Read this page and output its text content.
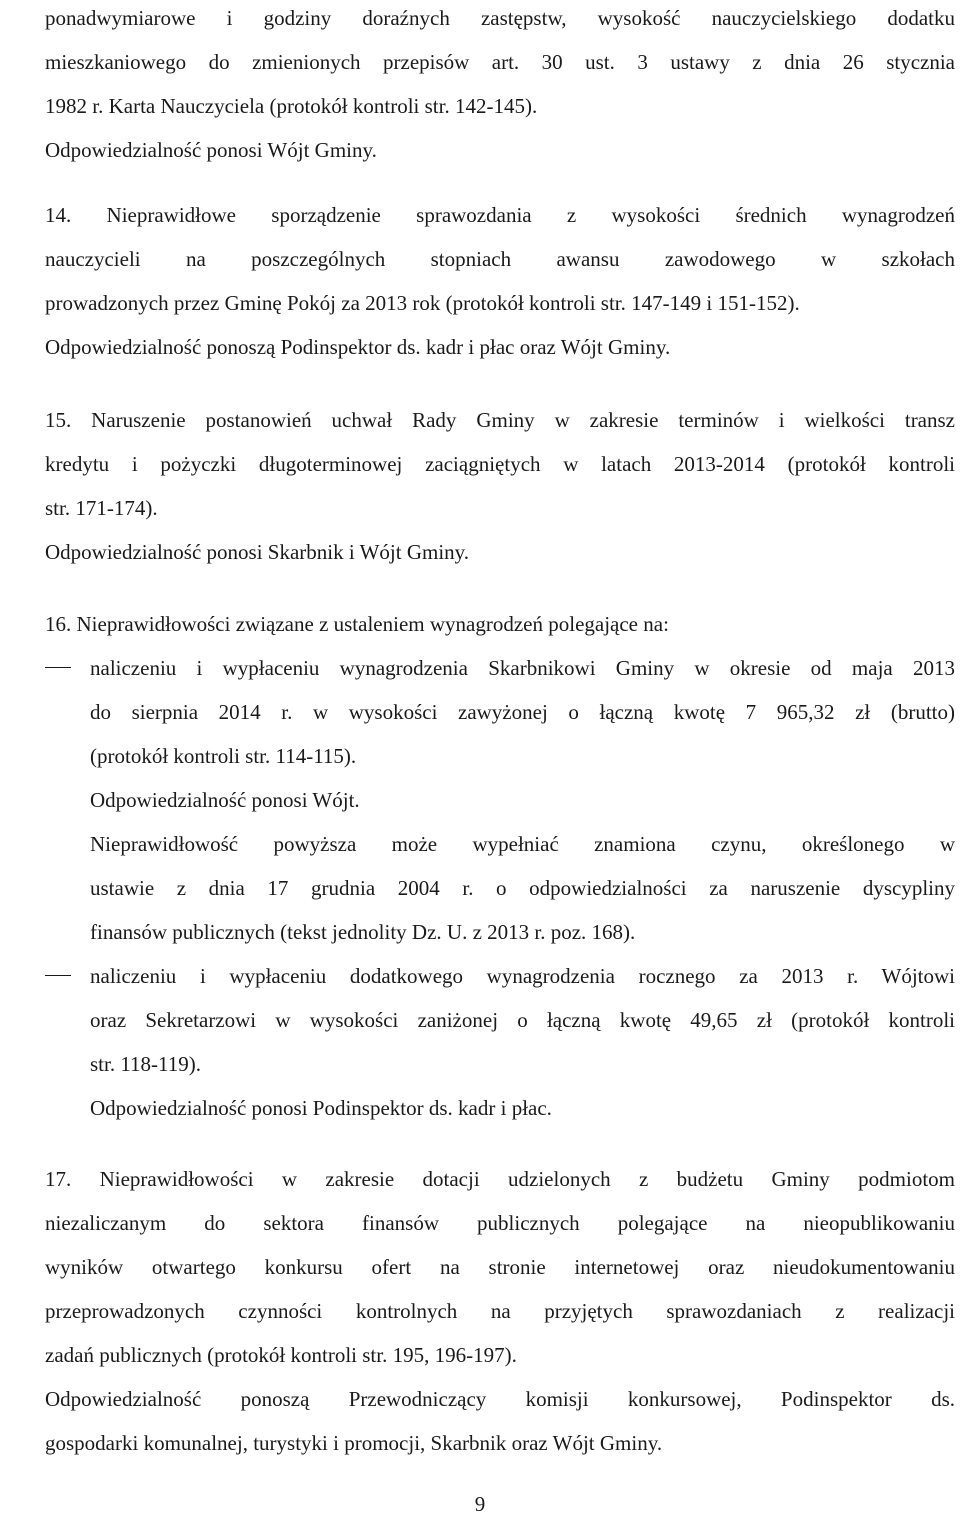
ponadwymiarowe i godziny doraźnych zastępstw, wysokość nauczycielskiego dodatku
mieszkaniowego do zmienionych przepisów art. 30 ust. 3 ustawy z dnia 26 stycznia
1982 r. Karta Nauczyciela (protokół kontroli str. 142-145).
Odpowiedzialność ponosi Wójt Gminy.
14. Nieprawidłowe sporządzenie sprawozdania z wysokości średnich wynagrodzeń
nauczycieli na poszczególnych stopniach awansu zawodowego w szkołach
prowadzonych przez Gminę Pokój za 2013 rok (protokół kontroli str. 147-149 i 151-152).
Odpowiedzialność ponoszą Podinspektor ds. kadr i płac oraz Wójt Gminy.
15. Naruszenie postanowień uchwał Rady Gminy w zakresie terminów i wielkości transz
kredytu i pożyczki długoterminowej zaciągniętych w latach 2013-2014 (protokół kontroli
str. 171-174).
Odpowiedzialność ponosi Skarbnik i Wójt Gminy.
16. Nieprawidłowości związane z ustaleniem wynagrodzeń polegające na:
naliczeniu i wypłaceniu wynagrodzenia Skarbnikowi Gminy w okresie od maja 2013
do sierpnia 2014 r. w wysokości zawyżonej o łączną kwotę 7 965,32 zł (brutto)
(protokół kontroli str. 114-115).
Odpowiedzialność ponosi Wójt.
Nieprawidłowość powyższa może wypełniać znamiona czynu, określonego w
ustawie z dnia 17 grudnia 2004 r. o odpowiedzialności za naruszenie dyscypliny
finansów publicznych (tekst jednolity Dz. U. z 2013 r. poz. 168).
naliczeniu i wypłaceniu dodatkowego wynagrodzenia rocznego za 2013 r. Wójtowi
oraz Sekretarzowi w wysokości zaniżonej o łączną kwotę 49,65 zł (protokół kontroli
str. 118-119).
Odpowiedzialność ponosi Podinspektor ds. kadr i płac.
17. Nieprawidłowości w zakresie dotacji udzielonych z budżetu Gminy podmiotom
niezaliczanym do sektora finansów publicznych polegające na nieopublikowaniu
wyników otwartego konkursu ofert na stronie internetowej oraz nieudokumentowaniu
przeprowadzonych czynności kontrolnych na przyjętych sprawozdaniach z realizacji
zadań publicznych (protokół kontroli str. 195, 196-197).
Odpowiedzialność ponoszą Przewodniczący komisji konkursowej, Podinspektor ds.
gospodarki komunalnej, turystyki i promocji, Skarbnik oraz Wójt Gminy.
9
